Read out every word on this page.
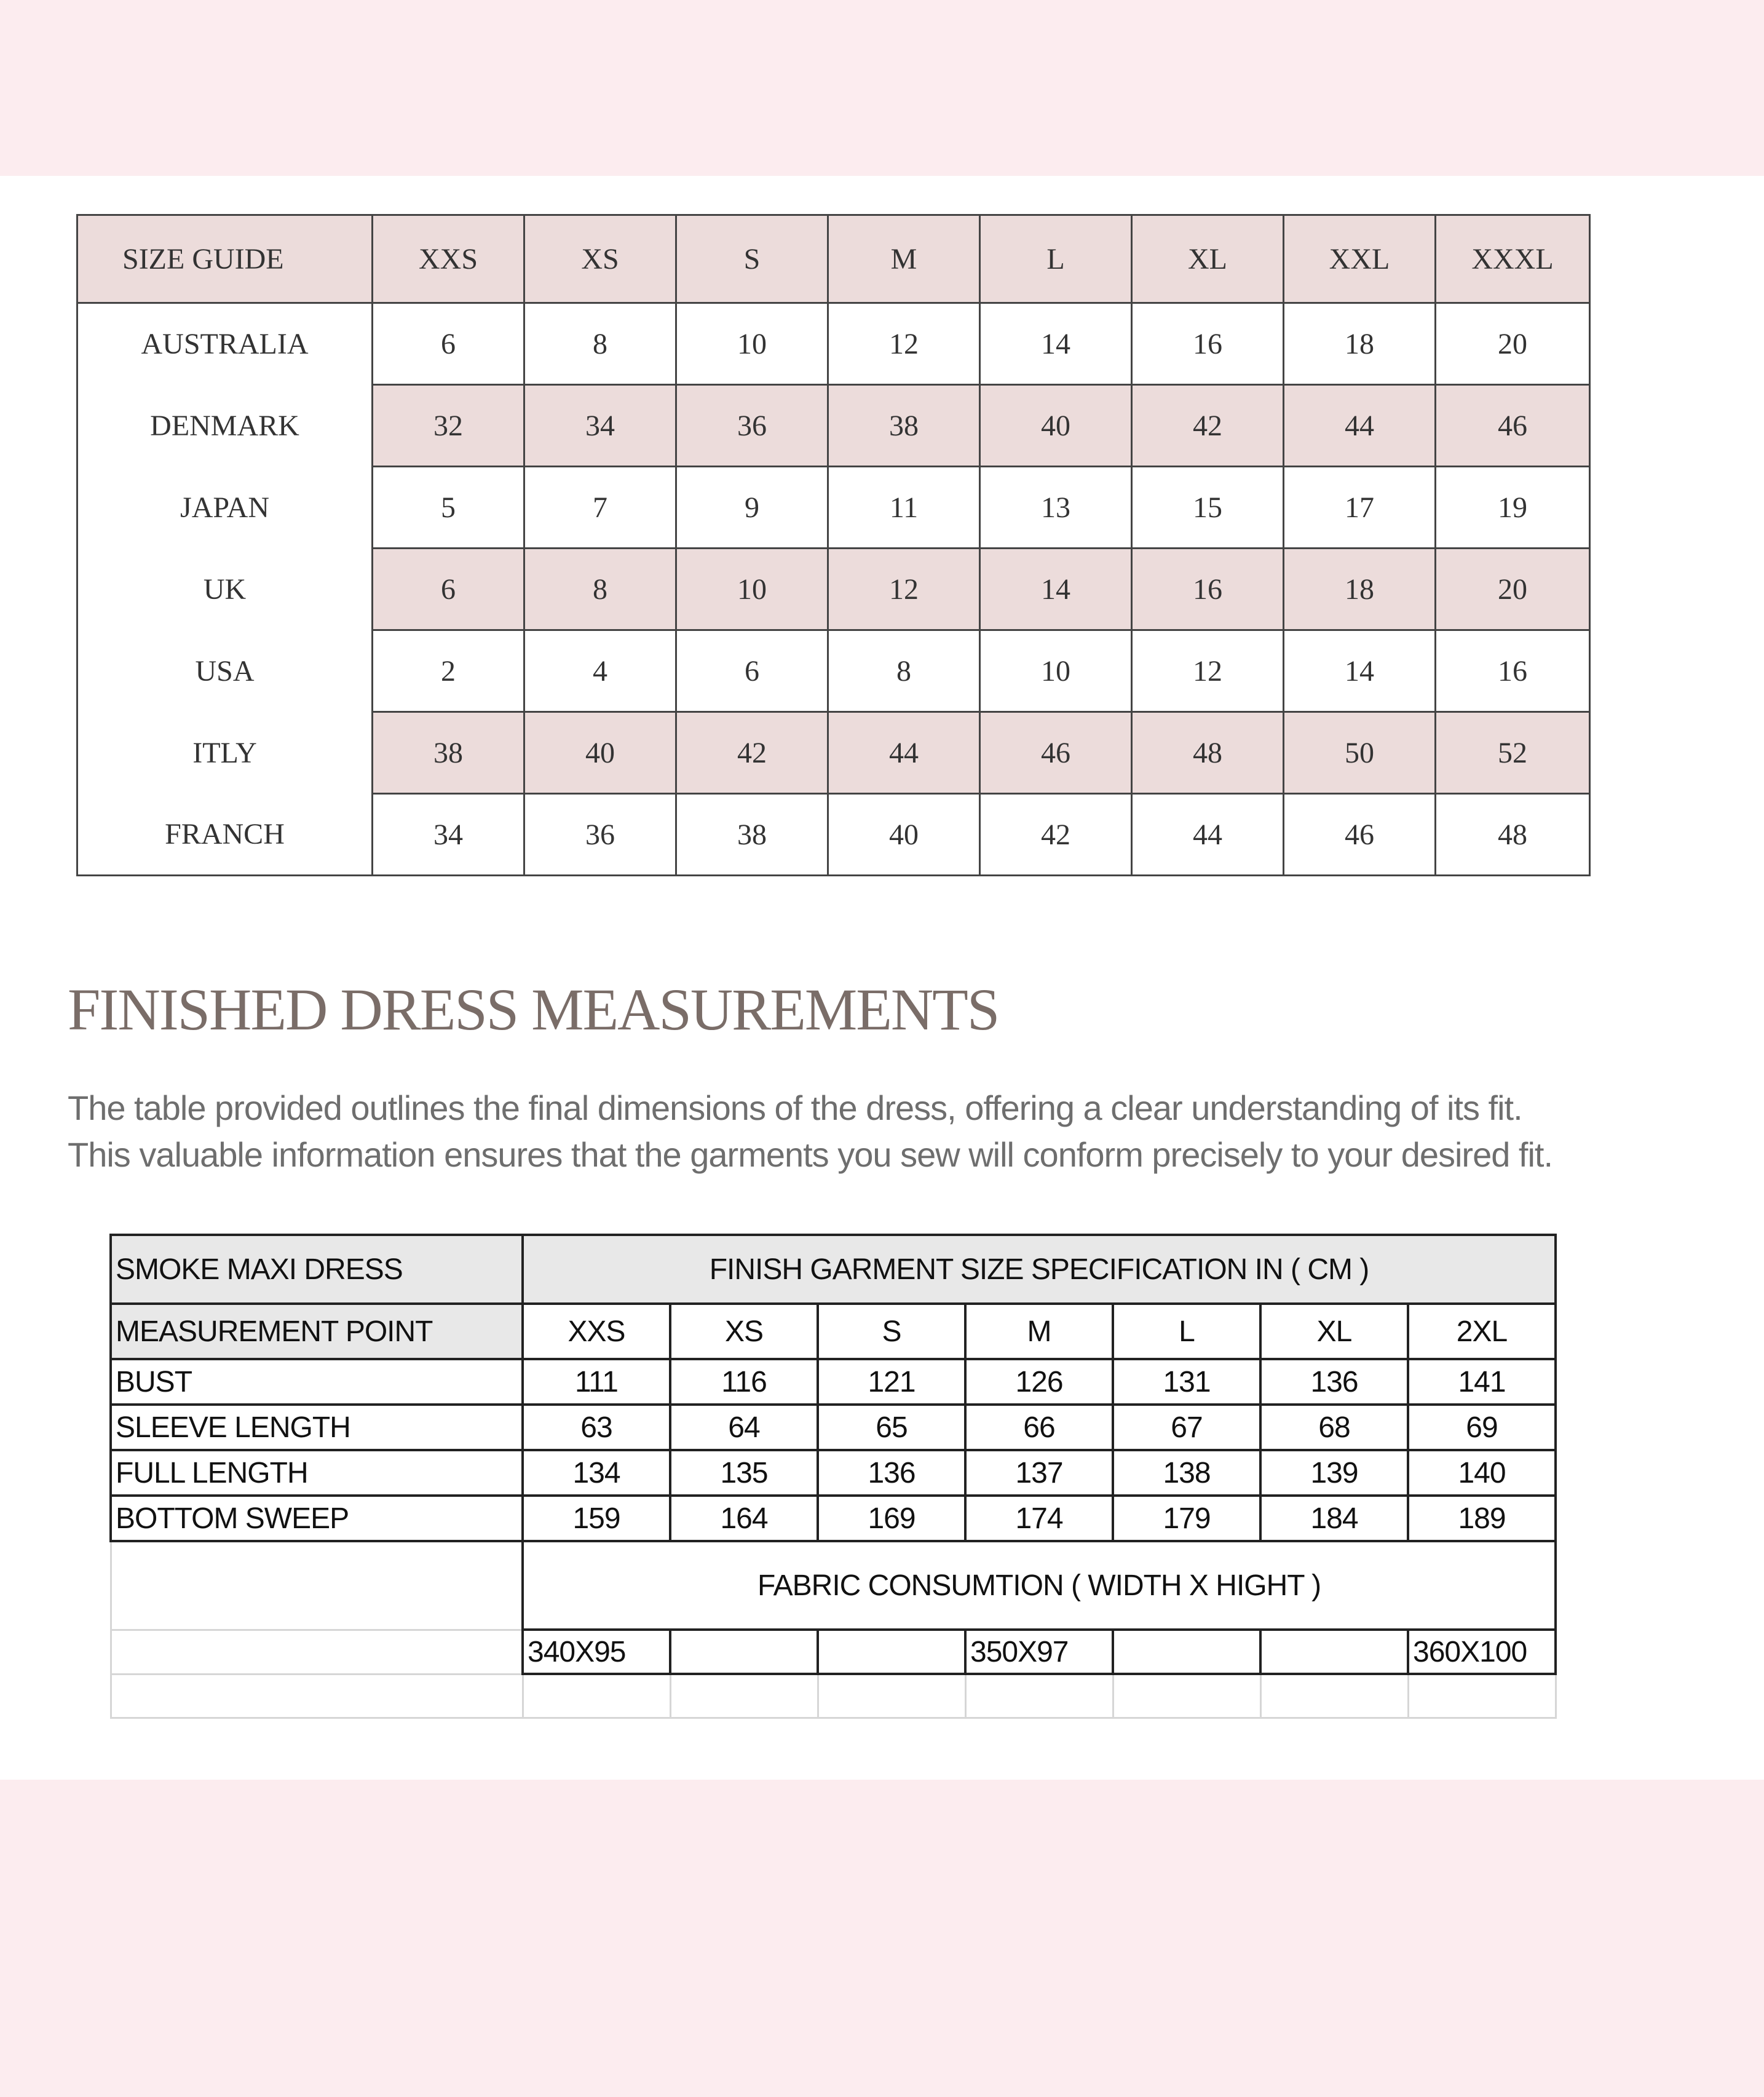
SIZE GUIDE	XXS	XS	S	M	L	XL	XXL	XXXL
AUSTRALIA	6	8	10	12	14	16	18	20
DENMARK	32	34	36	38	40	42	44	46
JAPAN	5	7	9	11	13	15	17	19
UK	6	8	10	12	14	16	18	20
USA	2	4	6	8	10	12	14	16
ITLY	38	40	42	44	46	48	50	52
FRANCH	34	36	38	40	42	44	46	48
FINISHED DRESS MEASUREMENTS
The table provided outlines the final dimensions of the dress, offering a clear understanding of its fit.
This valuable information ensures that the garments you sew will conform precisely to your desired fit.
SMOKE MAXI DRESS	FINISH GARMENT SIZE SPECIFICATION IN ( CM )						
MEASUREMENT POINT	XXS	XS	S	M	L	XL	2XL
BUST	111	116	121	126	131	136	141
SLEEVE LENGTH	63	64	65	66	67	68	69
FULL LENGTH	134	135	136	137	138	139	140
BOTTOM SWEEP	159	164	169	174	179	184	189
	FABRIC CONSUMTION ( WIDTH X HIGHT )						
	340X95			350X97			360X100
